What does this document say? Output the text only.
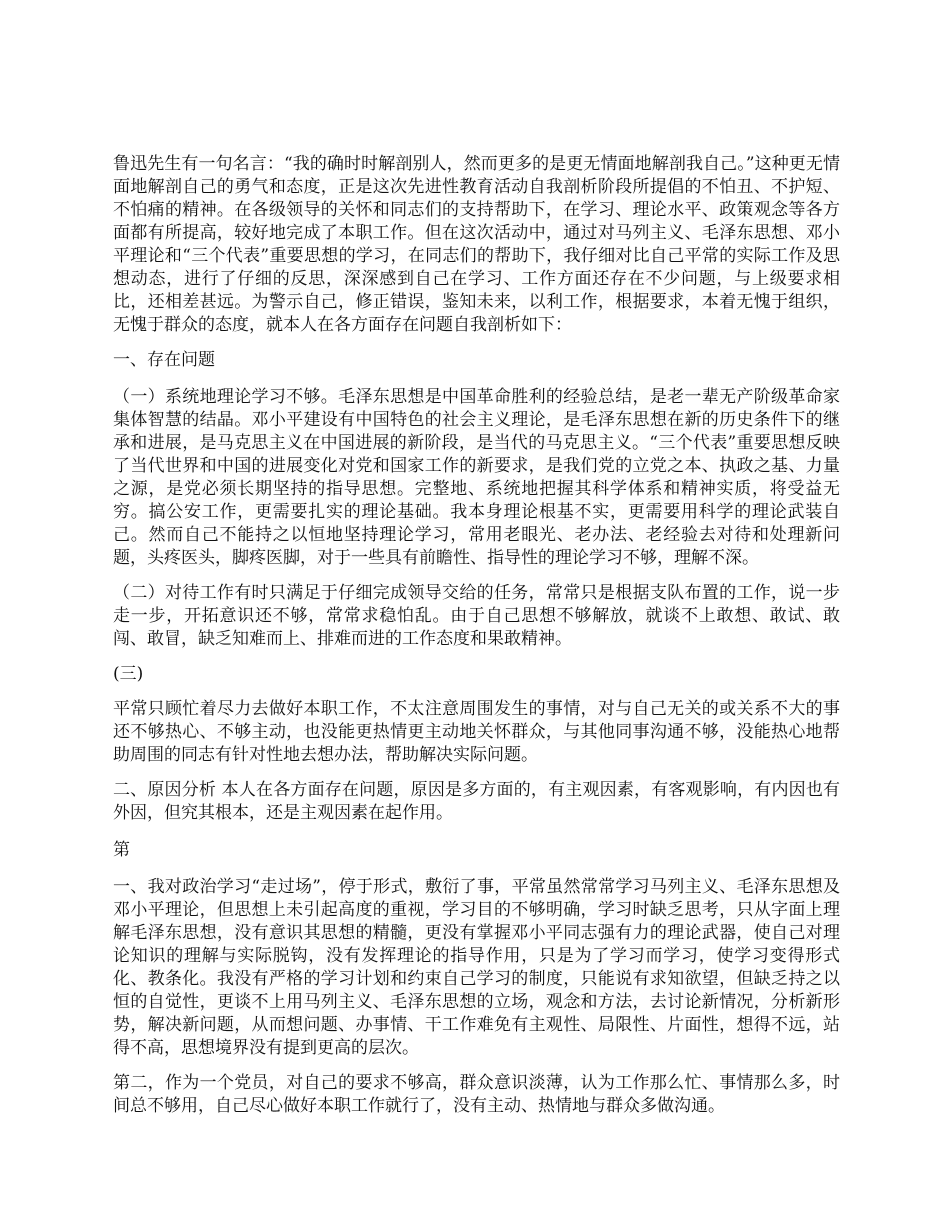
鲁迅先生有一句名言：“我的确时时解剖别人，然而更多的是更无情面地解剖我自己。”这种更无情面地解剖自己的勇气和态度，正是这次先进性教育活动自我剖析阶段所提倡的不怕丑、不护短、不怕痛的精神。在各级领导的关怀和同志们的支持帮助下，在学习、理论水平、政策观念等各方面都有所提高，较好地完成了本职工作。但在这次活动中，通过对马列主义、毛泽东思想、邓小平理论和“三个代表”重要思想的学习，在同志们的帮助下，我仔细对比自己平常的实际工作及思想动态，进行了仔细的反思，深深感到自己在学习、工作方面还存在不少问题，与上级要求相比，还相差甚远。为警示自己，修正错误，鉴知未来，以利工作，根据要求，本着无愧于组织，无愧于群众的态度，就本人在各方面存在问题自我剖析如下：

一、存在问题

（一）系统地理论学习不够。毛泽东思想是中国革命胜利的经验总结，是老一辈无产阶级革命家集体智慧的结晶。邓小平建设有中国特色的社会主义理论，是毛泽东思想在新的历史条件下的继承和进展，是马克思主义在中国进展的新阶段，是当代的马克思主义。“三个代表”重要思想反映了当代世界和中国的进展变化对党和国家工作的新要求，是我们党的立党之本、执政之基、力量之源，是党必须长期坚持的指导思想。完整地、系统地把握其科学体系和精神实质，将受益无穷。搞公安工作，更需要扎实的理论基础。我本身理论根基不实，更需要用科学的理论武装自己。然而自己不能持之以恒地坚持理论学习，常用老眼光、老办法、老经验去对待和处理新问题，头疼医头，脚疼医脚，对于一些具有前瞻性、指导性的理论学习不够，理解不深。

（二）对待工作有时只满足于仔细完成领导交给的任务，常常只是根据支队布置的工作，说一步走一步，开拓意识还不够，常常求稳怕乱。由于自己思想不够解放，就谈不上敢想、敢试、敢闯、敢冒，缺乏知难而上、排难而进的工作态度和果敢精神。

(三)

平常只顾忙着尽力去做好本职工作，不太注意周围发生的事情，对与自己无关的或关系不大的事还不够热心、不够主动，也没能更热情更主动地关怀群众，与其他同事沟通不够，没能热心地帮助周围的同志有针对性地去想办法，帮助解决实际问题。

二、原因分析 本人在各方面存在问题，原因是多方面的，有主观因素，有客观影响，有内因也有外因，但究其根本，还是主观因素在起作用。

第

一、我对政治学习“走过场”，停于形式，敷衍了事，平常虽然常常学习马列主义、毛泽东思想及邓小平理论，但思想上未引起高度的重视，学习目的不够明确，学习时缺乏思考，只从字面上理解毛泽东思想，没有意识其思想的精髓，更没有掌握邓小平同志强有力的理论武器，使自己对理论知识的理解与实际脱钩，没有发挥理论的指导作用，只是为了学习而学习，使学习变得形式化、教条化。我没有严格的学习计划和约束自己学习的制度，只能说有求知欲望，但缺乏持之以恒的自觉性，更谈不上用马列主义、毛泽东思想的立场，观念和方法，去讨论新情况，分析新形势，解决新问题，从而想问题、办事情、干工作难免有主观性、局限性、片面性，想得不远，站得不高，思想境界没有提到更高的层次。

第二，作为一个党员，对自己的要求不够高，群众意识淡薄，认为工作那么忙、事情那么多，时间总不够用，自己尽心做好本职工作就行了，没有主动、热情地与群众多做沟通。
